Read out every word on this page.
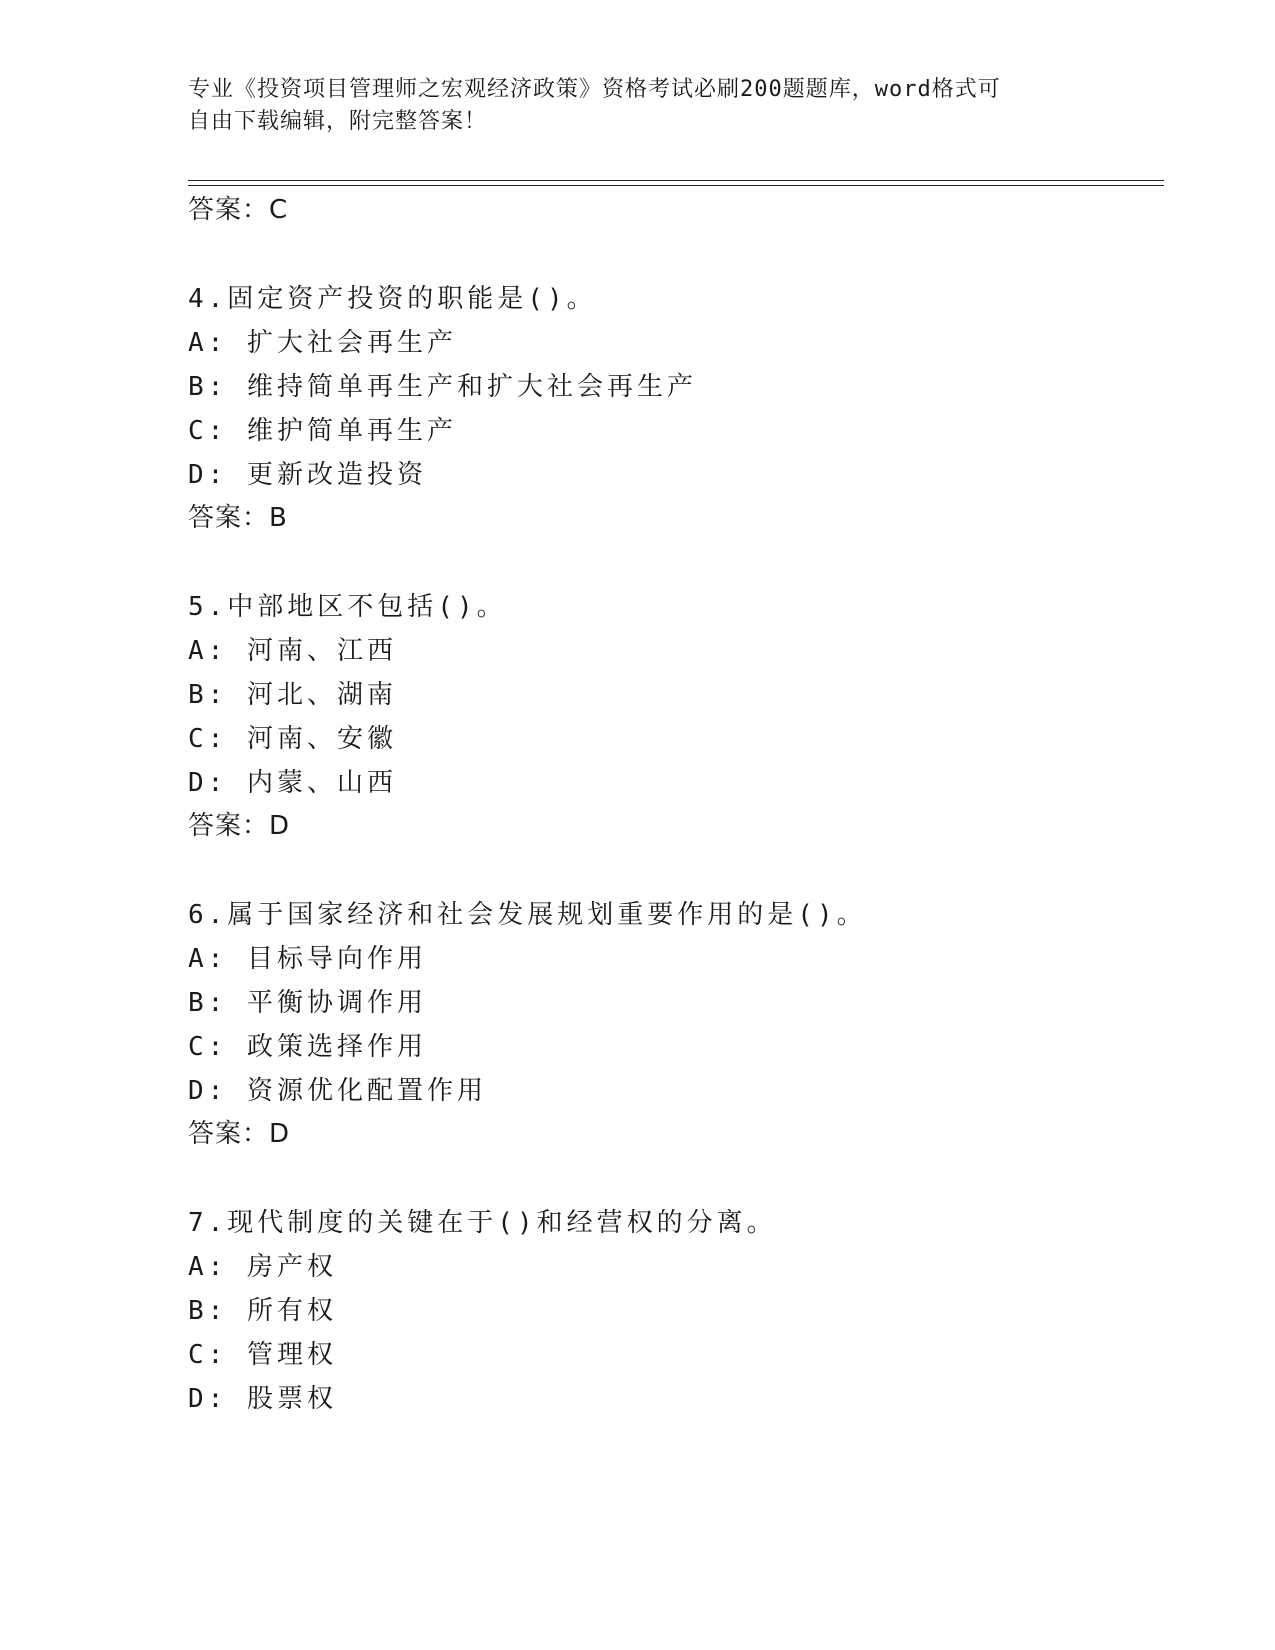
专业《投资项目管理师之宏观经济政策》资格考试必刷200题题库，word格式可
自由下载编辑，附完整答案！
答案：C
4.固定资产投资的职能是()。
A: 扩大社会再生产
B: 维持简单再生产和扩大社会再生产
C: 维护简单再生产
D: 更新改造投资
答案：B
5.中部地区不包括()。
A: 河南、江西
B: 河北、湖南
C: 河南、安徽
D: 内蒙、山西
答案：D
6.属于国家经济和社会发展规划重要作用的是()。
A: 目标导向作用
B: 平衡协调作用
C: 政策选择作用
D: 资源优化配置作用
答案：D
7.现代制度的关键在于()和经营权的分离。
A: 房产权
B: 所有权
C: 管理权
D: 股票权
